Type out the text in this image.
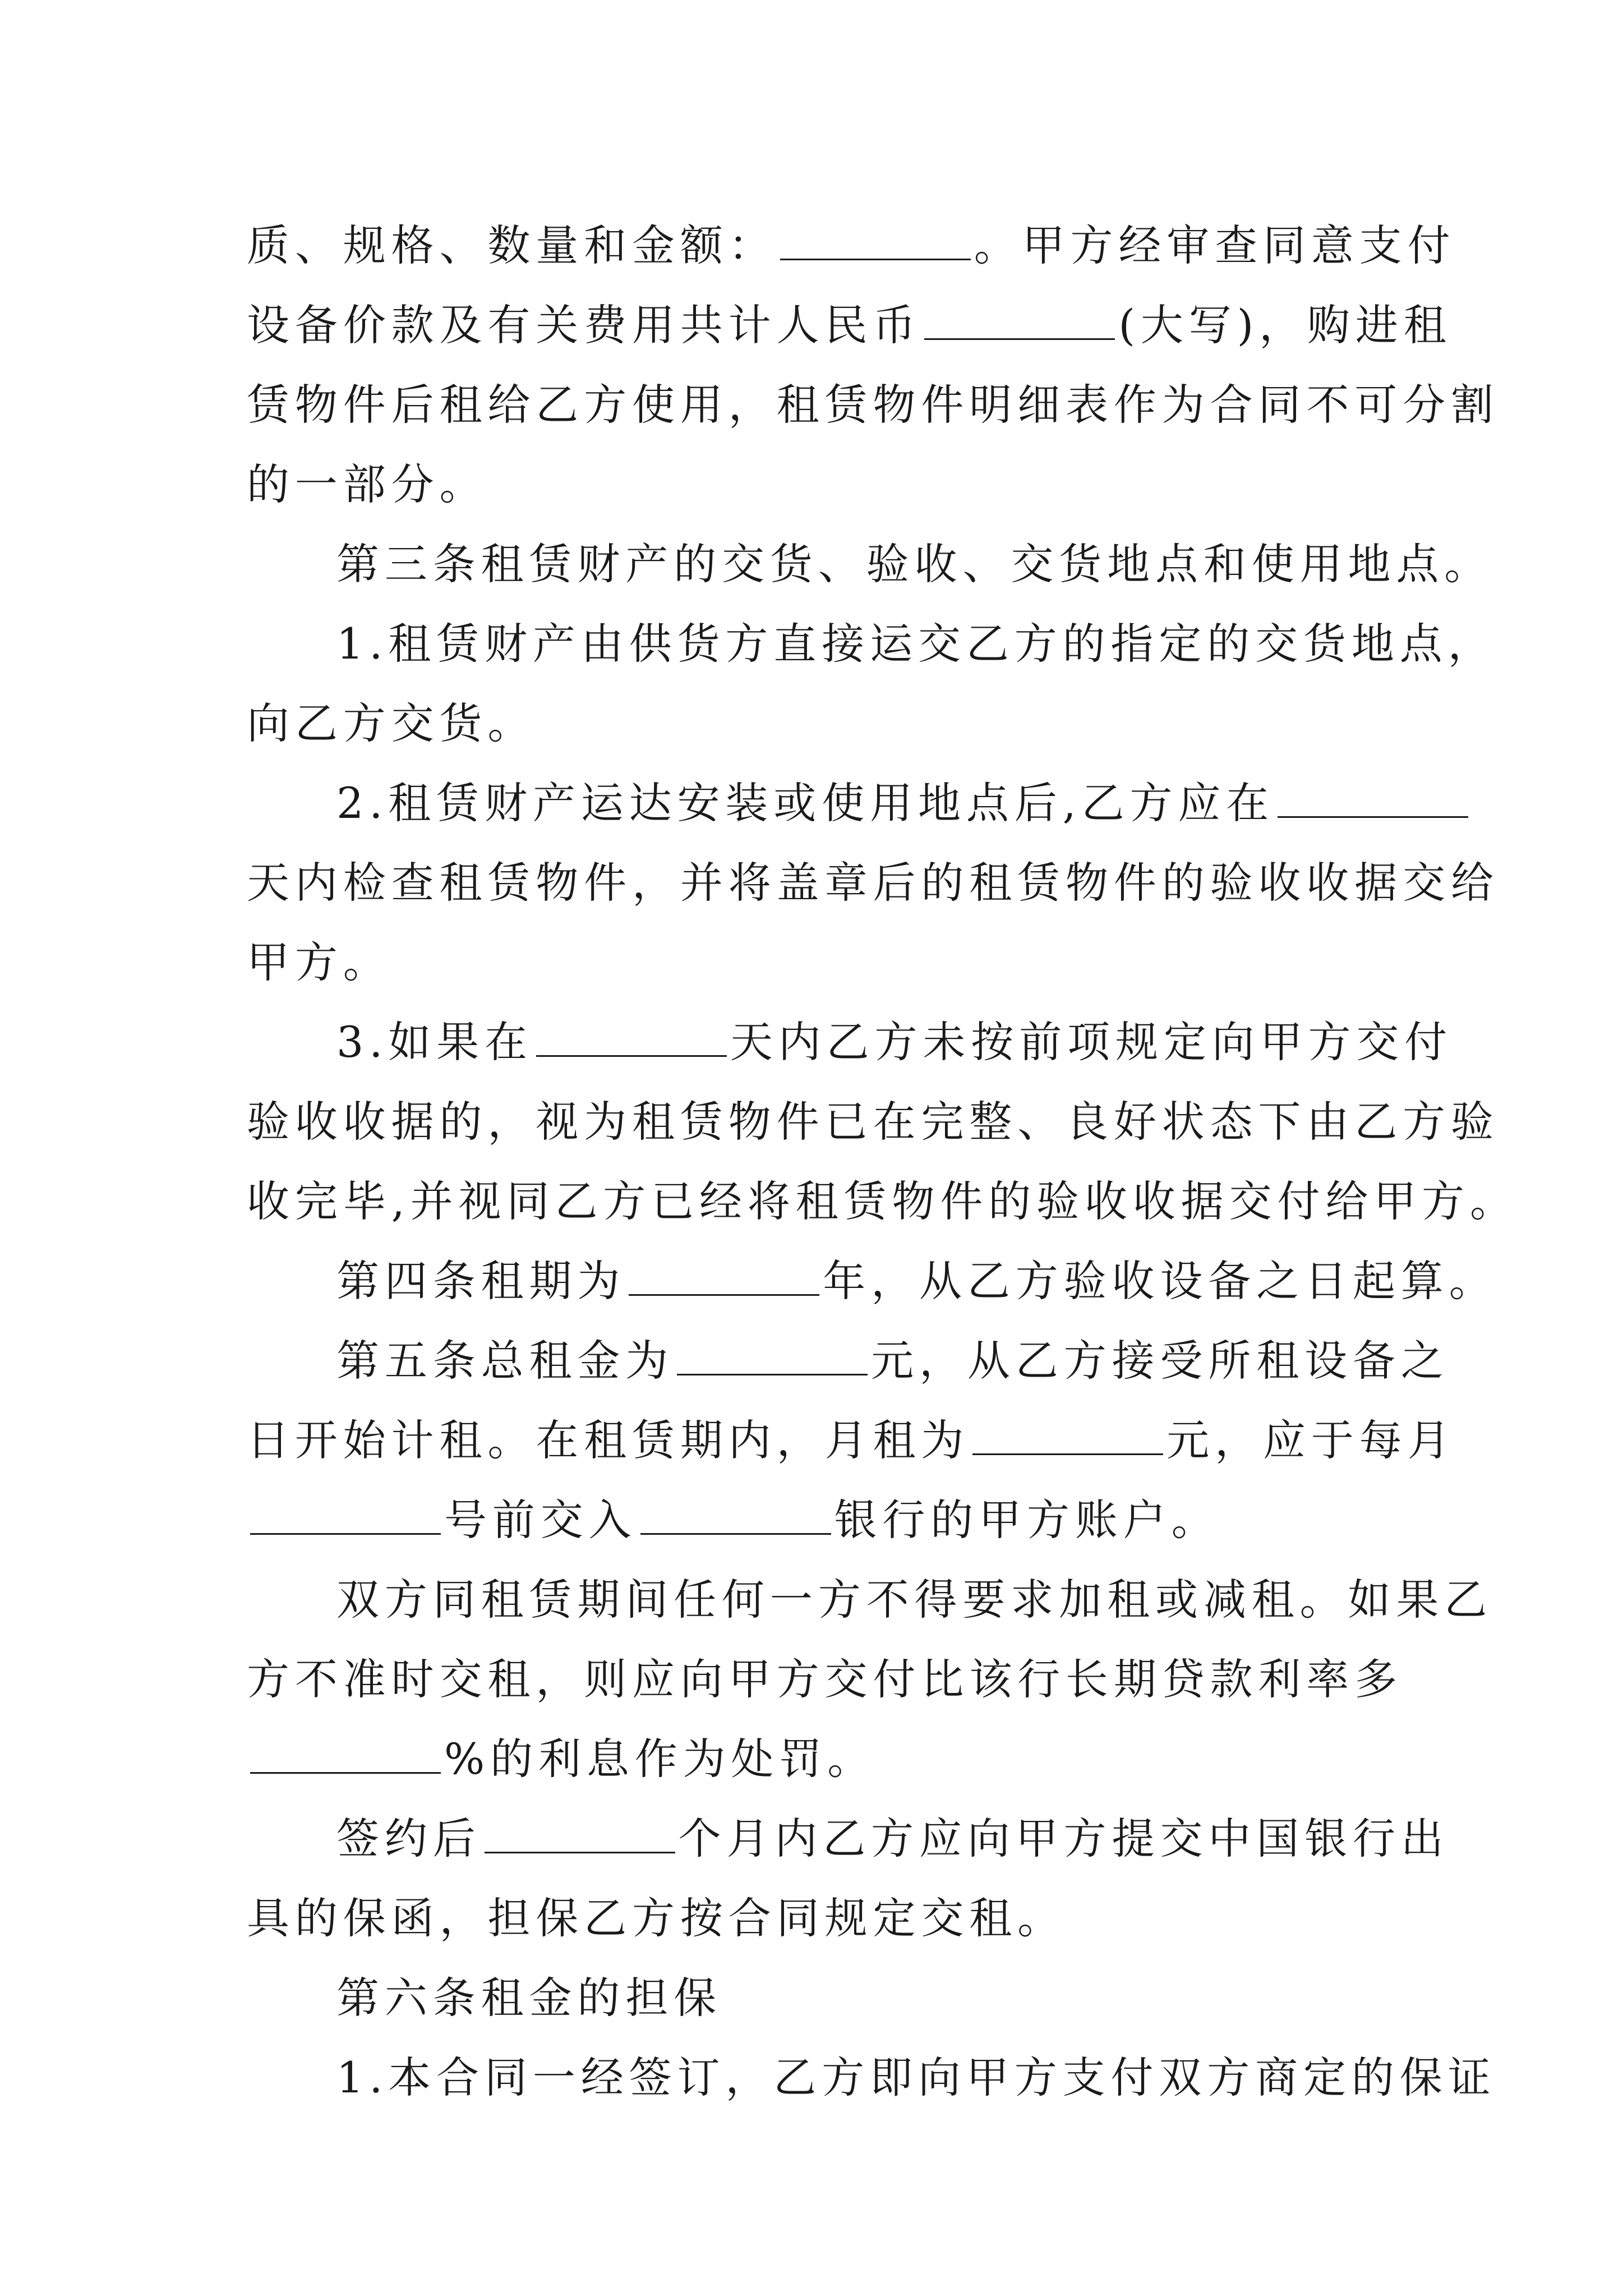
质、规格、数量和金额：	。甲方经审查同意支付
设备价款及有关费用共计人民币	(大写)，购进租
赁物件后租给乙方使用，租赁物件明细表作为合同不可分割
的一部分。
第三条租赁财产的交货、验收、交货地点和使用地点。
1.租赁财产由供货方直接运交乙方的指定的交货地点，
向乙方交货。
2.租赁财产运达安装或使用地点后,乙方应在
天内检查租赁物件，并将盖章后的租赁物件的验收收据交给
甲方。
3.如果在	天内乙方未按前项规定向甲方交付
验收收据的，视为租赁物件已在完整、良好状态下由乙方验
收完毕,并视同乙方已经将租赁物件的验收收据交付给甲方。
第四条租期为	年，从乙方验收设备之日起算。
第五条总租金为	元，从乙方接受所租设备之
日开始计租。在租赁期内，月租为	元，应于每月
号前交入	银行的甲方账户。
双方同租赁期间任何一方不得要求加租或减租。如果乙
方不准时交租，则应向甲方交付比该行长期贷款利率多
%的利息作为处罚。
签约后	个月内乙方应向甲方提交中国银行出
具的保函，担保乙方按合同规定交租。
第六条租金的担保
1.本合同一经签订，乙方即向甲方支付双方商定的保证
